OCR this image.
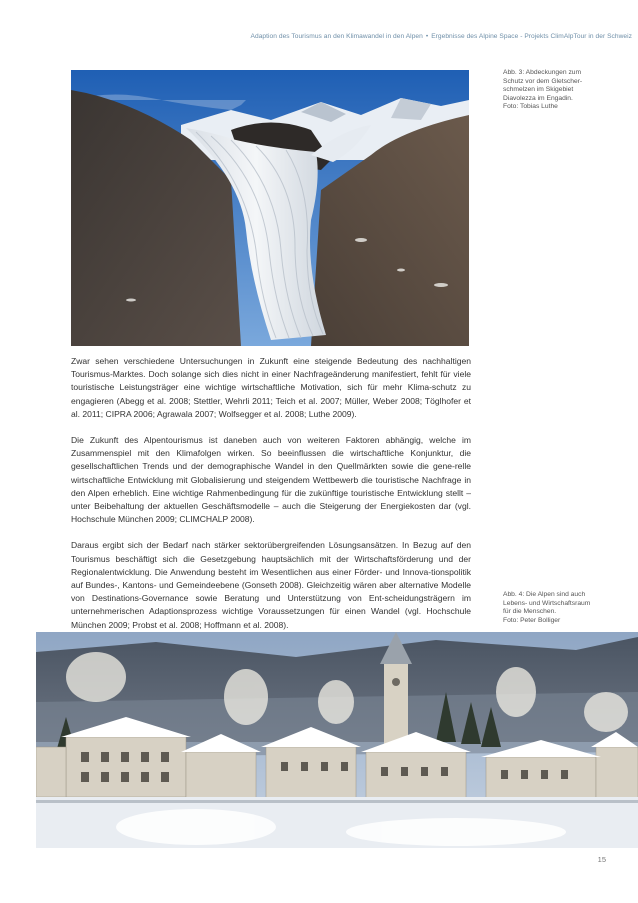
Adaption des Tourismus an den Klimawandel in den Alpen • Ergebnisse des Alpine Space - Projekts ClimAlpTour in der Schweiz
Abb. 3: Abdeckungen zum
Schutz vor dem Gletscher-
schmelzen im Skigebiet
Diavolezza im Engadin.
Foto: Tobias Luthe

Zwar sehen verschiedene Untersuchungen in Zukunft eine steigende Bedeutung des nachhaltigen Tourismus-Marktes. Doch solange sich dies nicht in einer Nachfrageänderung manifestiert, fehlt für viele touristische Leistungsträger eine wichtige wirtschaftliche Motivation, sich für mehr Klima-schutz zu engagieren (Abegg et al. 2008; Stettler, Wehrli 2011; Teich et al. 2007; Müller, Weber 2008; Töglhofer et al. 2011; CIPRA 2006; Agrawala 2007; Wolfsegger et al. 2008; Luthe 2009).

Die Zukunft des Alpentourismus ist daneben auch von weiteren Faktoren abhängig, welche im Zusammenspiel mit den Klimafolgen wirken. So beeinflussen die wirtschaftliche Konjunktur, die gesellschaftlichen Trends und der demographische Wandel in den Quellmärkten sowie die gene-relle wirtschaftliche Entwicklung mit Globalisierung und steigendem Wettbewerb die touristische Nachfrage in den Alpen erheblich. Eine wichtige Rahmenbedingung für die zukünftige touristische Entwicklung stellt – unter Beibehaltung der aktuellen Geschäftsmodelle – auch die Steigerung der Energiekosten dar (vgl. Hochschule München 2009; CLIMCHALP 2008).

Daraus ergibt sich der Bedarf nach stärker sektorübergreifenden Lösungsansätzen. In Bezug auf den Tourismus beschäftigt sich die Gesetzgebung hauptsächlich mit der Wirtschaftsförderung und der Regionalentwicklung. Die Anwendung besteht im Wesentlichen aus einer Förder- und Innova-tionspolitik auf Bundes-, Kantons- und Gemeindeebene (Gonseth 2008). Gleichzeitig wären aber alternative Modelle von Destinations-Governance sowie Beratung und Unterstützung von Ent-scheidungsträgern im unternehmerischen Adaptionsprozess wichtige Voraussetzungen für einen Wandel (vgl. Hochschule München 2009; Probst et al. 2008; Hoffmann et al. 2008).

Abb. 4: Die Alpen sind auch
Lebens- und Wirtschaftsraum
für die Menschen.
Foto: Peter Bolliger
15
